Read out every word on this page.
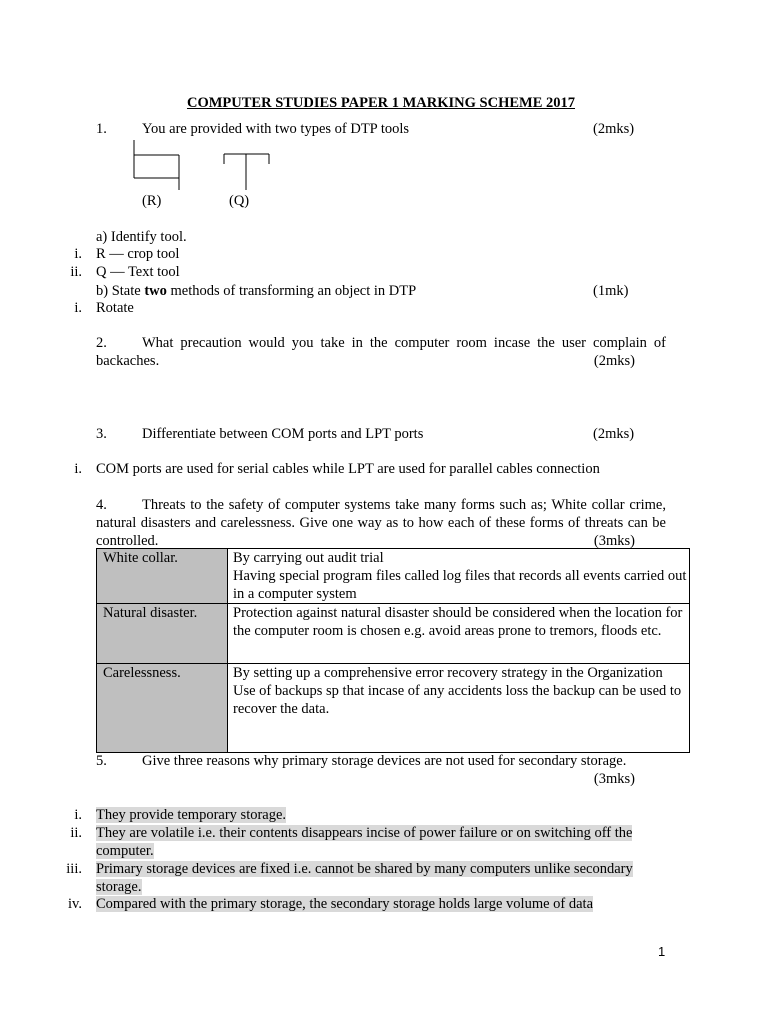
COMPUTER STUDIES PAPER 1 MARKING SCHEME 2017
1. You are provided with two types of DTP tools	(2mks)
(R)	(Q)
a) Identify tool.
i. R — crop tool
ii. Q — Text tool
b) State two methods of transforming an object in DTP	(1mk)
i. Rotate
2. What precaution would you take in the computer room incase the user complain of backaches.	(2mks)
3. Differentiate between COM ports and LPT ports	(2mks)
i. COM ports are used for serial cables while LPT are used for parallel cables connection
4. Threats to the safety of computer systems take many forms such as; White collar crime, natural disasters and carelessness. Give one way as to how each of these forms of threats can be controlled.	(3mks)
White collar.	By carrying out audit trial
Having special program files called log files that records all events carried out in a computer system

Natural disaster.	Protection against natural disaster should be considered when the location for the computer room is chosen e.g. avoid areas prone to tremors, floods etc.

Carelessness.	By setting up a comprehensive error recovery strategy in the Organization
Use of backups sp that incase of any accidents loss the backup can be used to recover the data.
5. Give three reasons why primary storage devices are not used for secondary storage.
(3mks)
i. They provide temporary storage.
ii. They are volatile i.e. their contents disappears incise of power failure or on switching off the computer.
iii. Primary storage devices are fixed i.e. cannot be shared by many computers unlike secondary storage.
iv. Compared with the primary storage, the secondary storage holds large volume of data
1
